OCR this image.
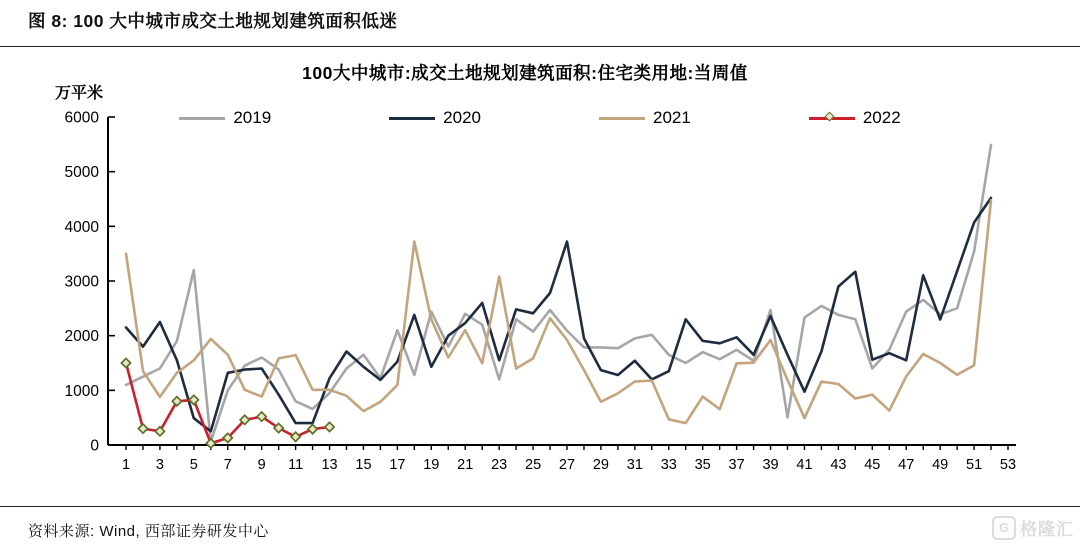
图 8: 100 大中城市成交土地规划建筑面积低迷
100大中城市:成交土地规划建筑面积:住宅类用地:当周值
万平米
2019	2020	2021	2022
0
1000
2000
3000
4000
5000
6000
1 3 5 7 9 11 13 15 17 19 21 23 25 27 29 31 33 35 37 39 41 43 45 47 49 51 53
资料来源: Wind, 西部证券研发中心	G 格隆汇
